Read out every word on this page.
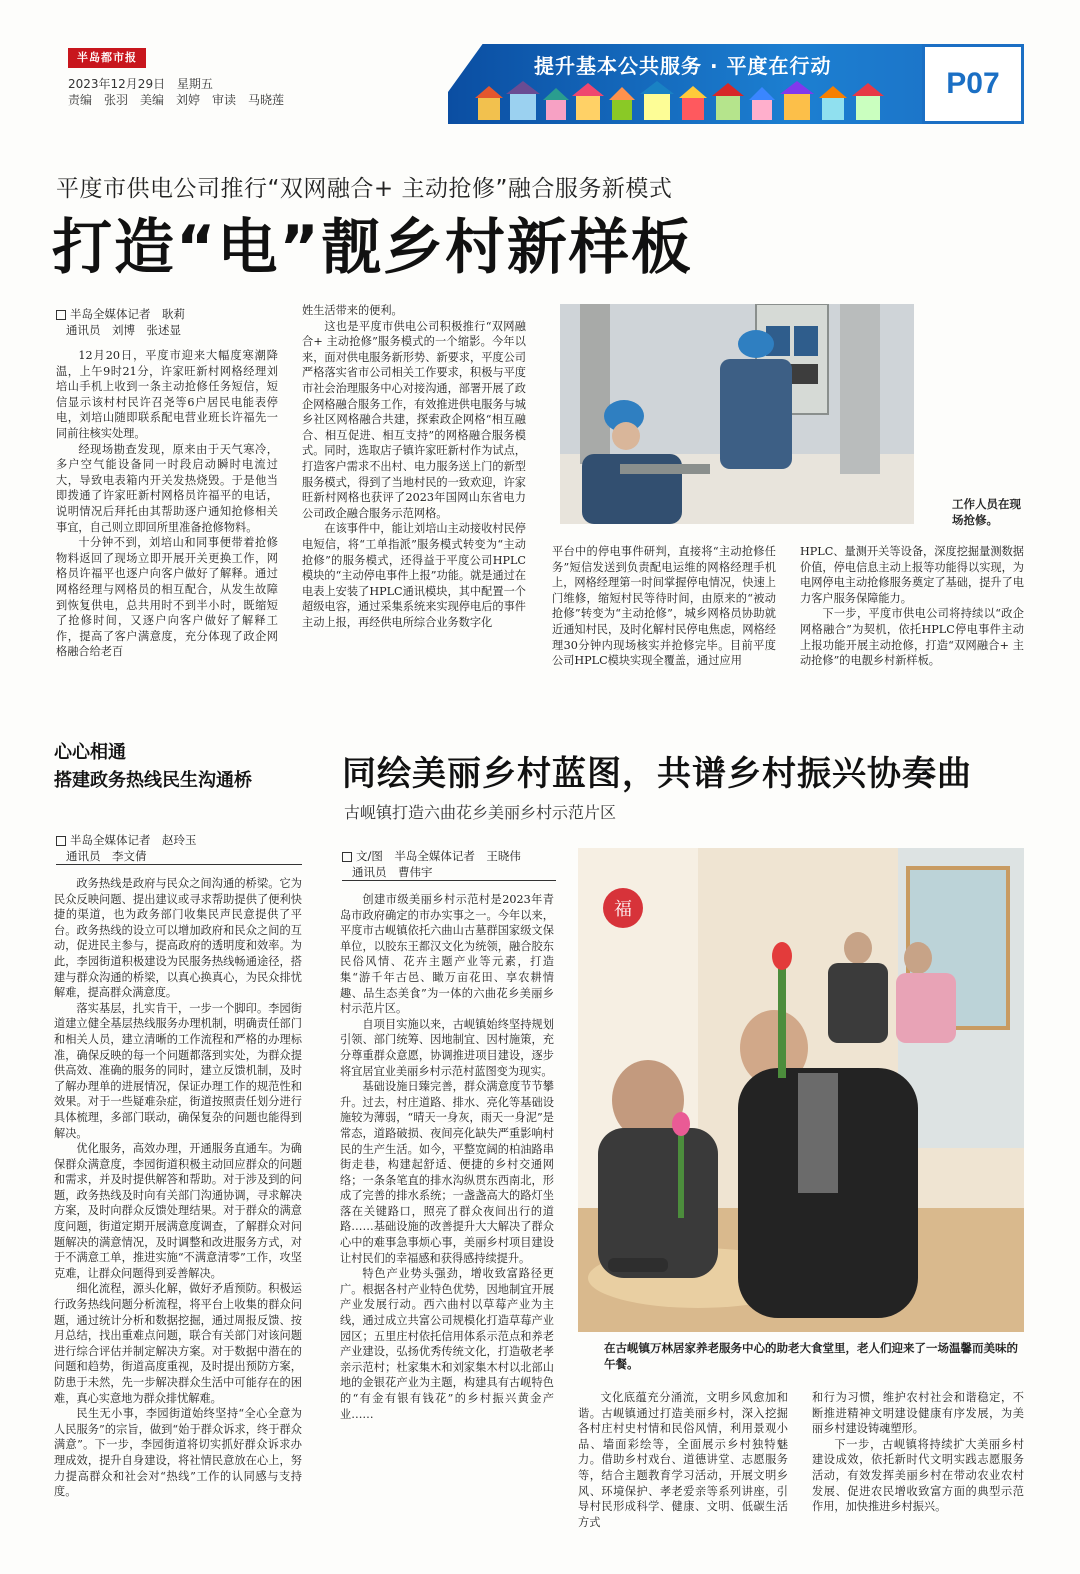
半岛都市报
2023年12月29日 星期五
责编　张羽　美编　刘婷　审读　马晓莲
提升基本公共服务 · 平度在行动
P07
平度市供电公司推行“双网融合+ 主动抢修”融合服务新模式
打造“电”靓乡村新样板
半岛全媒体记者　耿莉
通讯员　刘博　张述显

12月20日，平度市迎来大幅度寒潮降温，上午9时21分，许家旺新村网格经理刘培山手机上收到一条主动抢修任务短信，短信显示该村村民许召尧等6户居民电能表停电，刘培山随即联系配电营业班长许福先一同前往核实处理。

经现场勘查发现，原来由于天气寒冷，多户空气能设备同一时段启动瞬时电流过大，导致电表箱内开关发热烧毁。于是他当即拨通了许家旺新村网格员许福平的电话，说明情况后拜托由其帮助逐户通知抢修相关事宜，自己则立即回所里准备抢修物料。

十分钟不到，刘培山和同事便带着抢修物料返回了现场立即开展开关更换工作，网格员许福平也逐户向客户做好了解释。通过网格经理与网格员的相互配合，从发生故障到恢复供电，总共用时不到半小时，既缩短了抢修时间，又逐户向客户做好了解释工作，提高了客户满意度，充分体现了政企网格融合给老百

姓生活带来的便利。

这也是平度市供电公司积极推行“双网融合+ 主动抢修”服务模式的一个缩影。今年以来，面对供电服务新形势、新要求，平度公司严格落实省市公司相关工作要求，积极与平度市社会治理服务中心对接沟通，部署开展了政企网格融合服务工作，有效推进供电服务与城乡社区网格融合共建，探索政企网格“相互融合、相互促进、相互支持”的网格融合服务模式。同时，选取店子镇许家旺新村作为试点，打造客户需求不出村、电力服务送上门的新型服务模式，得到了当地村民的一致欢迎，许家旺新村网格也获评了2023年国网山东省电力公司政企融合服务示范网格。

在该事件中，能让刘培山主动接收村民停电短信，将“工单指派”服务模式转变为“主动抢修”的服务模式，还得益于平度公司HPLC模块的“主动停电事件上报”功能。就是通过在电表上安装了HPLC通讯模块，其中配置一个超级电容，通过采集系统来实现停电后的事件主动上报，再经供电所综合业务数字化

工作人员在现场抢修。

平台中的停电事件研判，直接将“主动抢修任务”短信发送到负责配电运维的网格经理手机上，网格经理第一时间掌握停电情况，快速上门维修，缩短村民等待时间，由原来的“被动抢修”转变为“主动抢修”，城乡网格员协助就近通知村民，及时化解村民停电焦虑，网格经理30分钟内现场核实并抢修完毕。目前平度公司HPLC模块实现全覆盖，通过应用

HPLC、量测开关等设备，深度挖掘量测数据价值，停电信息主动上报等功能得以实现，为电网停电主动抢修服务奠定了基础，提升了电力客户服务保障能力。

下一步，平度市供电公司将持续以“政企网格融合”为契机，依托HPLC停电事件主动上报功能开展主动抢修，打造“双网融合+ 主动抢修”的电靓乡村新样板。

心心相通
搭建政务热线民生沟通桥
半岛全媒体记者　赵玲玉
通讯员　李文倩

政务热线是政府与民众之间沟通的桥梁。它为民众反映问题、提出建议或寻求帮助提供了便利快捷的渠道，也为政务部门收集民声民意提供了平台。政务热线的设立可以增加政府和民众之间的互动，促进民主参与，提高政府的透明度和效率。为此，李园街道积极建设为民服务热线畅通途径，搭建与群众沟通的桥梁，以真心换真心，为民众排忧解难，提高群众满意度。

落实基层，扎实肯干，一步一个脚印。李园街道建立健全基层热线服务办理机制，明确责任部门和相关人员，建立清晰的工作流程和严格的办理标准，确保反映的每一个问题都落到实处，为群众提供高效、准确的服务的同时，建立反馈机制，及时了解办理单的进展情况，保证办理工作的规范性和效果。对于一些疑难杂症，街道按照责任划分进行具体梳理，多部门联动，确保复杂的问题也能得到解决。

优化服务，高效办理，开通服务直通车。为确保群众满意度，李园街道积极主动回应群众的问题和需求，并及时提供解答和帮助。对于涉及到的问题，政务热线及时向有关部门沟通协调，寻求解决方案，及时向群众反馈处理结果。对于群众的满意度问题，街道定期开展满意度调查，了解群众对问题解决的满意情况，及时调整和改进服务方式，对于不满意工单，推进实施“不满意清零”工作，攻坚克难，让群众问题得到妥善解决。

细化流程，源头化解，做好矛盾预防。积极运行政务热线问题分析流程，将平台上收集的群众问题，通过统计分析和数据挖掘，通过周报反馈、按月总结，找出重难点问题，联合有关部门对该问题进行综合评估并制定解决方案。对于数据中潜在的问题和趋势，街道高度重视，及时提出预防方案，防患于未然，先一步解决群众生活中可能存在的困难，真心实意地为群众排忧解难。

民生无小事，李园街道始终坚持“全心全意为人民服务”的宗旨，做到“始于群众诉求，终于群众满意”。下一步，李园街道将切实抓好群众诉求办理成效，提升自身建设，将社情民意放在心上，努力提高群众和社会对“热线”工作的认同感与支持度。

同绘美丽乡村蓝图，共谱乡村振兴协奏曲
古岘镇打造六曲花乡美丽乡村示范片区
文/图　半岛全媒体记者　王晓伟
通讯员　曹伟宇

创建市级美丽乡村示范村是2023年青岛市政府确定的市办实事之一。今年以来，平度市古岘镇依托六曲山古墓群国家级文保单位，以胶东王都汉文化为统领，融合胶东民俗风情、花卉主题产业等元素，打造集“游千年古邑、瞰万亩花田、享农耕情趣、品生态美食”为一体的六曲花乡美丽乡村示范片区。

自项目实施以来，古岘镇始终坚持规划引领、部门统筹、因地制宜、因村施策，充分尊重群众意愿，协调推进项目建设，逐步将宜居宜业美丽乡村示范村蓝图变为现实。

基础设施日臻完善，群众满意度节节攀升。过去，村庄道路、排水、亮化等基础设施较为薄弱，“晴天一身灰，雨天一身泥”是常态，道路破损、夜间亮化缺失严重影响村民的生产生活。如今，平整宽阔的柏油路串街走巷，构建起舒适、便捷的乡村交通网络；一条条笔直的排水沟纵贯东西南北，形成了完善的排水系统；一盏盏高大的路灯坐落在关键路口，照亮了群众夜间出行的道路……基础设施的改善提升大大解决了群众心中的难事急事烦心事，美丽乡村项目建设让村民们的幸福感和获得感持续提升。

特色产业势头强劲，增收致富路径更广。根据各村产业特色优势，因地制宜开展产业发展行动。西六曲村以草莓产业为主线，通过成立共富公司规模化打造草莓产业园区；五里庄村依托信用体系示范点和养老产业建设，弘扬优秀传统文化，打造敬老孝亲示范村；杜家集木和刘家集木村以北部山地的金银花产业为主题，构建具有古岘特色的“有金有银有钱花”的乡村振兴黄金产业……

福
在古岘镇万林居家养老服务中心的助老大食堂里，老人们迎来了一场温馨而美味的午餐。

文化底蕴充分涌流，文明乡风愈加和谐。古岘镇通过打造美丽乡村，深入挖掘各村庄村史村情和民俗风情，利用景观小品、墙面彩绘等，全面展示乡村独特魅力。借助乡村戏台、道德讲堂、志愿服务等，结合主题教育学习活动，开展文明乡风、环境保护、孝老爱亲等系列讲座，引导村民形成科学、健康、文明、低碳生活方式

和行为习惯，维护农村社会和谐稳定，不断推进精神文明建设健康有序发展，为美丽乡村建设铸魂塑形。

下一步，古岘镇将持续扩大美丽乡村建设成效，依托新时代文明实践志愿服务活动，有效发挥美丽乡村在带动农业农村发展、促进农民增收致富方面的典型示范作用，加快推进乡村振兴。
